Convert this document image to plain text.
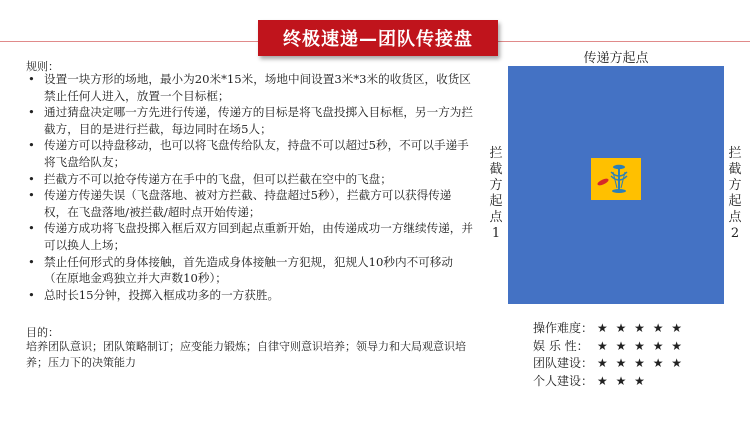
终极速递—团队传接盘
规则：
• 设置一块方形的场地，最小为20米*15米，场地中间设置3米*3米的收货区，收货区禁止任何人进入，放置一个目标框；
• 通过猜盘决定哪一方先进行传递，传递方的目标是将飞盘投掷入目标框，另一方为拦截方，目的是进行拦截，每边同时在场5人；
• 传递方可以持盘移动，也可以将飞盘传给队友，持盘不可以超过5秒，不可以手递手将飞盘给队友；
• 拦截方不可以抢夺传递方在手中的飞盘，但可以拦截在空中的飞盘；
• 传递方传递失误（飞盘落地、被对方拦截、持盘超过5秒），拦截方可以获得传递权，在飞盘落地/被拦截/超时点开始传递；
• 传递方成功将飞盘投掷入框后双方回到起点重新开始，由传递成功一方继续传递，并可以换人上场；
• 禁止任何形式的身体接触，首先造成身体接触一方犯规，犯规人10秒内不可移动（在原地金鸡独立并大声数10秒）；
• 总时长15分钟，投掷入框成功多的一方获胜。
目的：
培养团队意识；团队策略制订；应变能力锻炼；自律守则意识培养；领导力和大局观意识培养；压力下的决策能力
传递方起点
拦截方起点1
拦截方起点2
操作难度： ★ ★ ★ ★ ★
娱 乐 性： ★ ★ ★ ★ ★
团队建设： ★ ★ ★ ★ ★
个人建设： ★ ★ ★
